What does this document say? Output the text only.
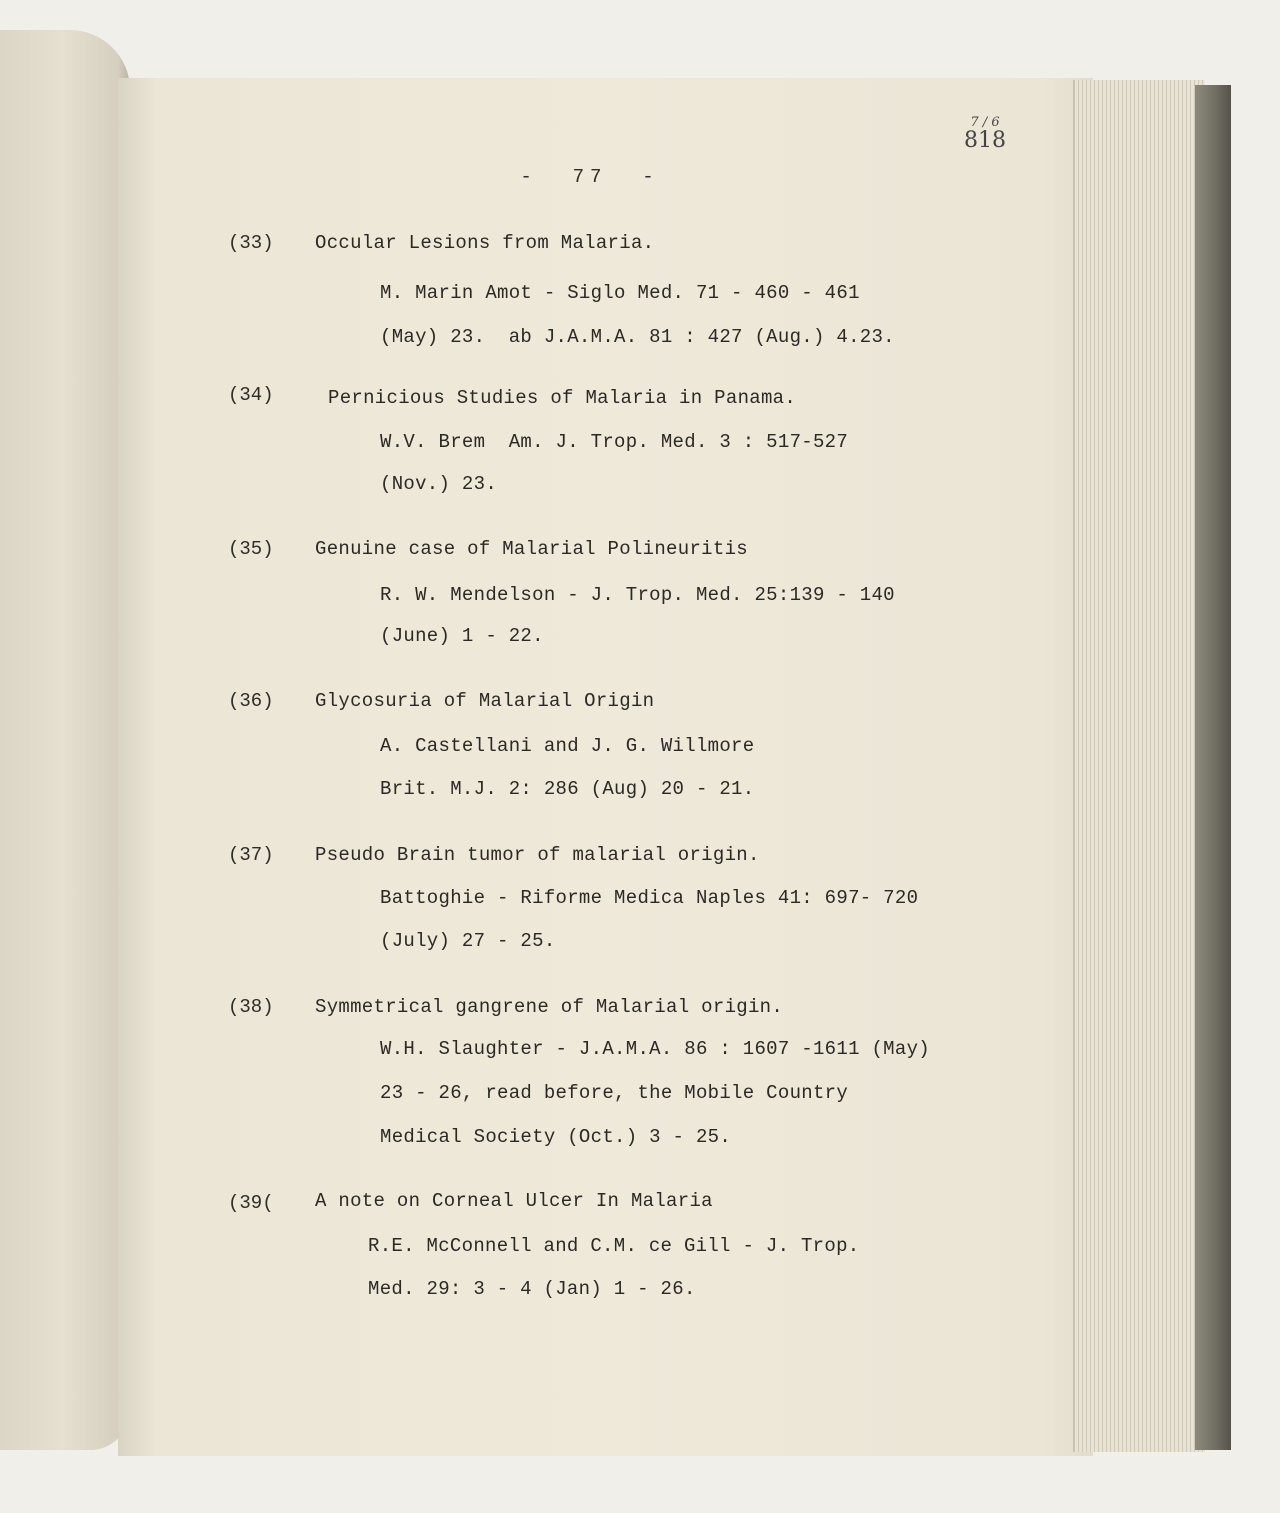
7 / 6
818
-  77  -
(33) Occular Lesions from Malaria.
M. Marin Amot - Siglo Med. 71 - 460 - 461
(May) 23.  ab J.A.M.A. 81 : 427 (Aug.) 4.23.
(34)	Pernicious Studies of Malaria in Panama.
W.V. Brem  Am. J. Trop. Med. 3 : 517-527
(Nov.) 23.
(35) Genuine case of Malarial Polineuritis
R. W. Mendelson - J. Trop. Med. 25:139 - 140
(June) 1 - 22.
(36) Glycosuria of Malarial Origin
A. Castellani and J. G. Willmore
Brit. M.J. 2: 286 (Aug) 20 - 21.
(37) Pseudo Brain tumor of malarial origin.
Battoghie - Riforme Medica Naples 41: 697- 720
(July) 27 - 25.
(38) Symmetrical gangrene of Malarial origin.
W.H. Slaughter - J.A.M.A. 86 : 1607 -1611 (May)
23 - 26, read before, the Mobile Country
Medical Society (Oct.) 3 - 25.
(39( A note on Corneal Ulcer In Malaria
R.E. McConnell and C.M. ce Gill - J. Trop.
Med. 29: 3 - 4 (Jan) 1 - 26.
